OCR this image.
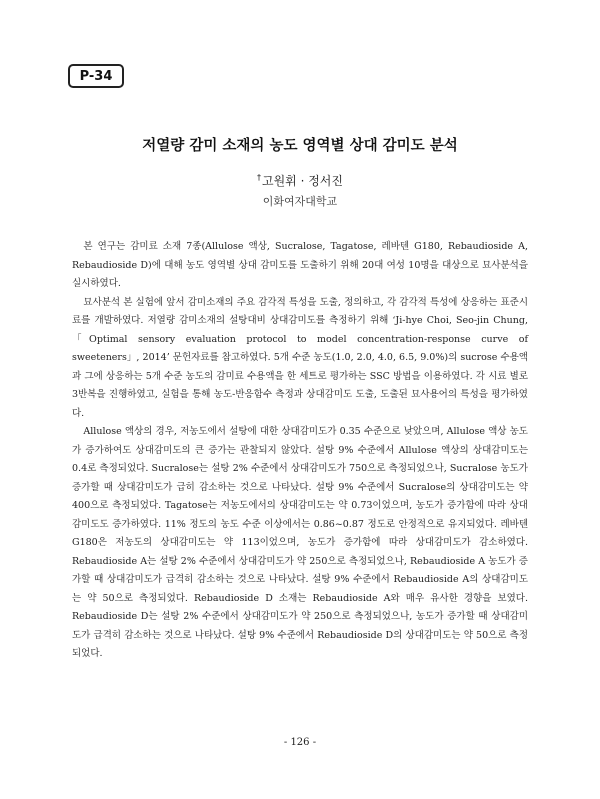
P-34
저열량 감미 소재의 농도 영역별 상대 감미도 분석
†고원휘 · 정서진
이화여자대학교

본 연구는 감미료 소재 7종(Allulose 액상, Sucralose, Tagatose, 레바텐 G180, Rebaudioside A, Rebaudioside D)에 대해 농도 영역별 상대 감미도를 도출하기 위해 20대 여성 10명을 대상으로 묘사분석을 실시하였다.

묘사분석 본 실험에 앞서 감미소재의 주요 감각적 특성을 도출, 정의하고, 각 감각적 특성에 상응하는 표준시료를 개발하였다. 저열량 감미소재의 설탕대비 상대감미도를 측정하기 위해 ‘Ji-hye Choi, Seo-jin Chung,「Optimal sensory evaluation protocol to model concentration-response curve of sweeteners」, 2014’ 문헌자료를 참고하였다. 5개 수준 농도(1.0, 2.0, 4.0, 6.5, 9.0%)의 sucrose 수용액과 그에 상응하는 5개 수준 농도의 감미료 수용액을 한 세트로 평가하는 SSC 방법을 이용하였다. 각 시료 별로 3반복을 진행하였고, 실험을 통해 농도-반응함수 측정과 상대감미도 도출, 도출된 묘사용어의 특성을 평가하였다.

Allulose 액상의 경우, 저농도에서 설탕에 대한 상대감미도가 0.35 수준으로 낮았으며, Allulose 액상 농도가 증가하여도 상대감미도의 큰 증가는 관찰되지 않았다. 설탕 9% 수준에서 Allulose 액상의 상대감미도는 0.4로 측정되었다. Sucralose는 설탕 2% 수준에서 상대감미도가 750으로 측정되었으나, Sucralose 농도가 증가할 때 상대감미도가 급히 감소하는 것으로 나타났다. 설탕 9% 수준에서 Sucralose의 상대감미도는 약 400으로 측정되었다. Tagatose는 저농도에서의 상대감미도는 약 0.73이었으며, 농도가 증가함에 따라 상대감미도도 증가하였다. 11% 정도의 농도 수준 이상에서는 0.86~0.87 정도로 안정적으로 유지되었다. 레바텐 G180은 저농도의 상대감미도는 약 113이었으며, 농도가 증가함에 따라 상대감미도가 감소하였다. Rebaudioside A는 설탕 2% 수준에서 상대감미도가 약 250으로 측정되었으나, Rebaudioside A 농도가 증가할 때 상대감미도가 급격히 감소하는 것으로 나타났다. 설탕 9% 수준에서 Rebaudioside A의 상대감미도는 약 50으로 측정되었다. Rebaudioside D 소재는 Rebaudioside A와 매우 유사한 경향을 보였다. Rebaudioside D는 설탕 2% 수준에서 상대감미도가 약 250으로 측정되었으나, 농도가 증가할 때 상대감미도가 급격히 감소하는 것으로 나타났다. 설탕 9% 수준에서 Rebaudioside D의 상대감미도는 약 50으로 측정되었다.

- 126 -
